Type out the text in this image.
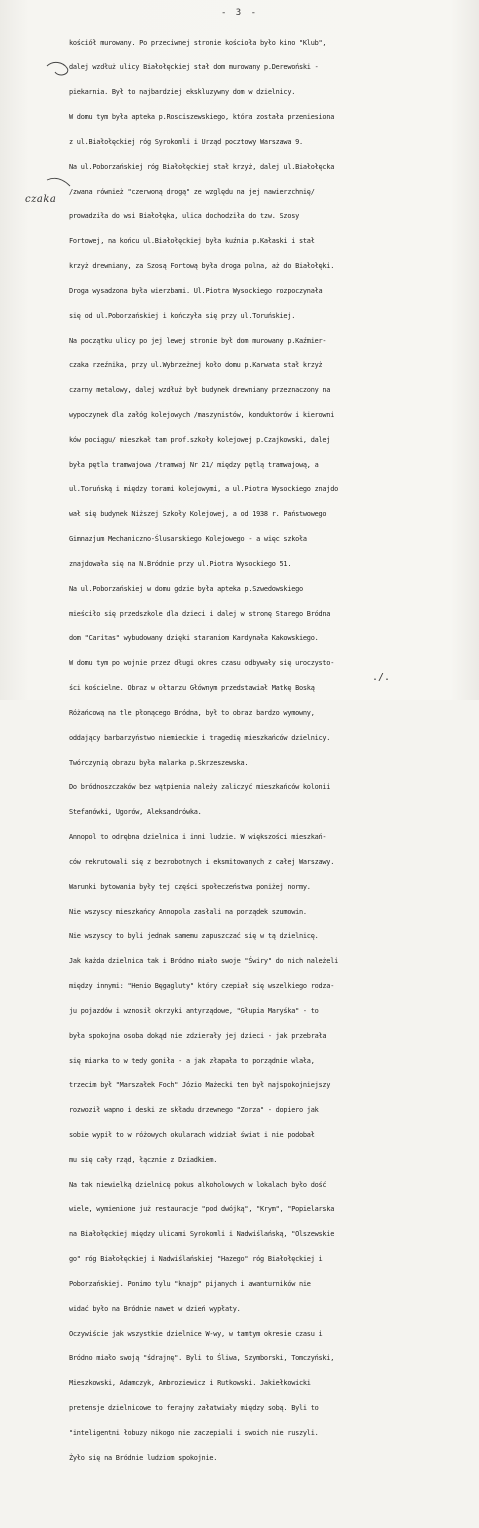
- 3 -
czaka

kościół murowany. Po przeciwnej stronie kościoła było kino "Klub",

dalej wzdłuż ulicy Białołęckiej stał dom murowany p.Derewoński -

piekarnia. Był to najbardziej ekskluzywny dom w dzielnicy.

W domu tym była apteka p.Rosciszewskiego, która została przeniesiona

z ul.Białołęckiej róg Syrokomli i Urząd pocztowy Warszawa 9.

Na ul.Poborzańskiej róg Białołęckiej stał krzyż, dalej ul.Białołęcka

/zwana również "czerwoną drogą" ze względu na jej nawierzchnię/

prowadziła do wsi Białołęka, ulica dochodziła do tzw. Szosy

Fortowej, na końcu ul.Białołęckiej była kuźnia p.Kałaski i stał

krzyż drewniany, za Szosą Fortową była droga polna, aż do Białołęki.

Droga wysadzona była wierzbami. Ul.Piotra Wysockiego rozpoczynała

się od ul.Poborzańskiej i kończyła się przy ul.Toruńskiej.

Na początku ulicy po jej lewej stronie był dom murowany p.Kaźmier-

czaka rzeźnika, przy ul.Wybrzeżnej koło domu p.Karwata stał krzyż

czarny metalowy, dalej wzdłuż był budynek drewniany przeznaczony na

wypoczynek dla załóg kolejowych /maszynistów, konduktorów i kierowni

ków pociągu/ mieszkał tam prof.szkoły kolejowej p.Czajkowski, dalej

była pętla tramwajowa /tramwaj Nr 21/ między pętlą tramwajową, a

ul.Toruńską i między torami kolejowymi, a ul.Piotra Wysockiego znajdo

wał się budynek Niższej Szkoły Kolejowej, a od 1938 r. Państwowego

Gimnazjum Mechaniczno-Ślusarskiego Kolejowego - a więc szkoła

znajdowała się na N.Bródnie przy ul.Piotra Wysockiego 51.

Na ul.Poborzańskiej w domu gdzie była apteka p.Szwedowskiego

mieściło się przedszkole dla dzieci i dalej w stronę Starego Bródna

dom "Caritas" wybudowany dzięki staraniom Kardynała Kakowskiego.

W domu tym po wojnie przez długi okres czasu odbywały się uroczysto-

ści kościelne. Obraz w ołtarzu Głównym przedstawiał Matkę Boską

Różańcową na tle płonącego Bródna, był to obraz bardzo wymowny,

oddający barbarzyństwo niemieckie i tragedię mieszkańców dzielnicy.

Twórczynią obrazu była malarka p.Skrzeszewska.

Do bródnoszczaków bez wątpienia należy zaliczyć mieszkańców kolonii

Stefanówki, Ugorów, Aleksandrówka.

Annopol to odrębna dzielnica i inni ludzie. W większości mieszkań-

ców rekrutowali się z bezrobotnych i eksmitowanych z całej Warszawy.

Warunki bytowania były tej części społeczeństwa poniżej normy.

Nie wszyscy mieszkańcy Annopola zasłali na porządek szumowin.

Nie wszyscy to byli jednak samemu zapuszczać się w tą dzielnicę.

Jak każda dzielnica tak i Bródno miało swoje "Świry" do nich należeli

między innymi: "Henio Bęgagluty" który czepiał się wszelkiego rodza-

ju pojazdów i wznosił okrzyki antyrządowe, "Głupia Maryśka" - to

była spokojna osoba dokąd nie zdzierały jej dzieci - jak przebrała

się miarka to w tedy goniła - a jak złapała to porządnie wlała,

trzecim był "Marszałek Foch" Józio Mażecki ten był najspokojniejszy

rozwoził wapno i deski ze składu drzewnego "Zorza" - dopiero jak

sobie wypił to w różowych okularach widział świat i nie podobał

mu się cały rząd, łącznie z Dziadkiem.

Na tak niewielką dzielnicę pokus alkoholowych w lokalach było dość

wiele, wymienione już restauracje "pod dwójką", "Krym", "Popielarska

na Białołęckiej między ulicami Syrokomli i Nadwiślańską, "Olszewskie

go" róg Białołęckiej i Nadwiślańskiej "Hazego" róg Białołęckiej i

Poborzańskiej. Ponimo tylu "knajp" pijanych i awanturników nie

widać było na Bródnie nawet w dzień wypłaty.

Oczywiście jak wszystkie dzielnice W-wy, w tamtym okresie czasu i

Bródno miało swoją "śdrajnę". Byli to Śliwa, Szymborski, Tomczyński,

Mieszkowski, Adamczyk, Ambroziewicz i Rutkowski. Jakiełkowicki

pretensje dzielnicowe to ferajny załatwiały między sobą. Byli to

"inteligentni łobuzy nikogo nie zaczepiali i swoich nie ruszyli.

Żyło się na Bródnie ludziom spokojnie.

./.
